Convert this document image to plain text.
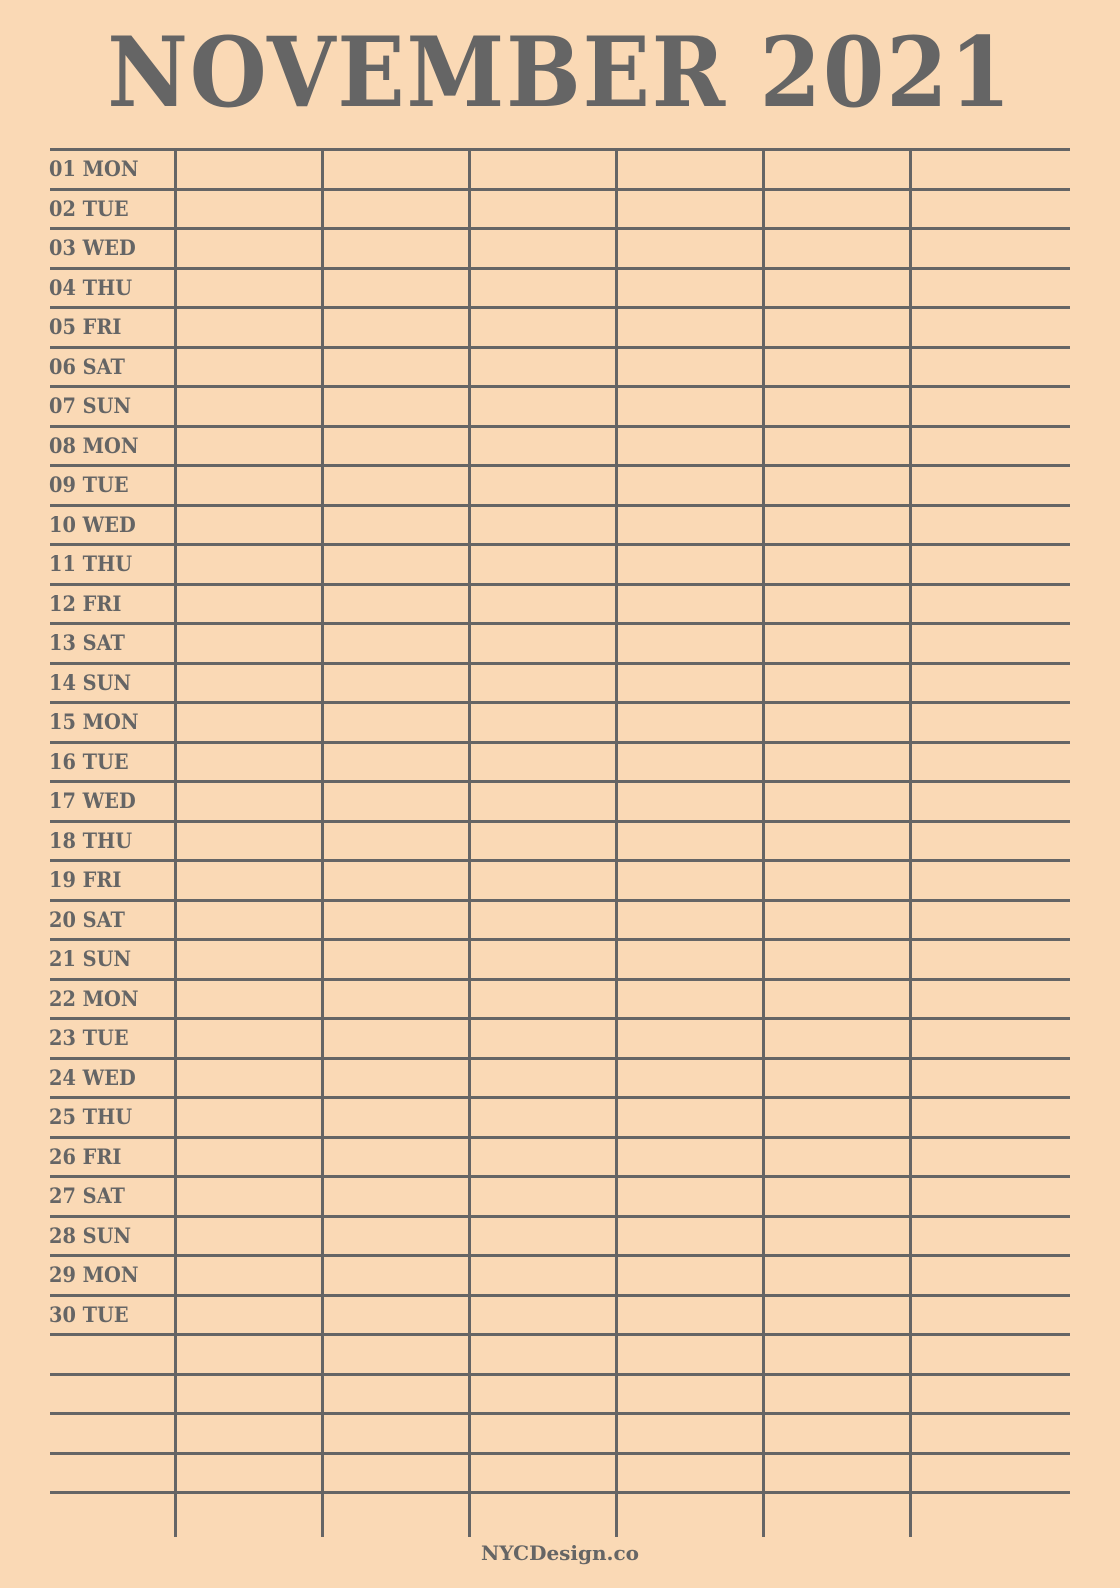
NOVEMBER 2021
01 MON
02 TUE
03 WED
04 THU
05 FRI
06 SAT
07 SUN
08 MON
09 TUE
10 WED
11 THU
12 FRI
13 SAT
14 SUN
15 MON
16 TUE
17 WED
18 THU
19 FRI
20 SAT
21 SUN
22 MON
23 TUE
24 WED
25 THU
26 FRI
27 SAT
28 SUN
29 MON
30 TUE
NYCDesign.co
